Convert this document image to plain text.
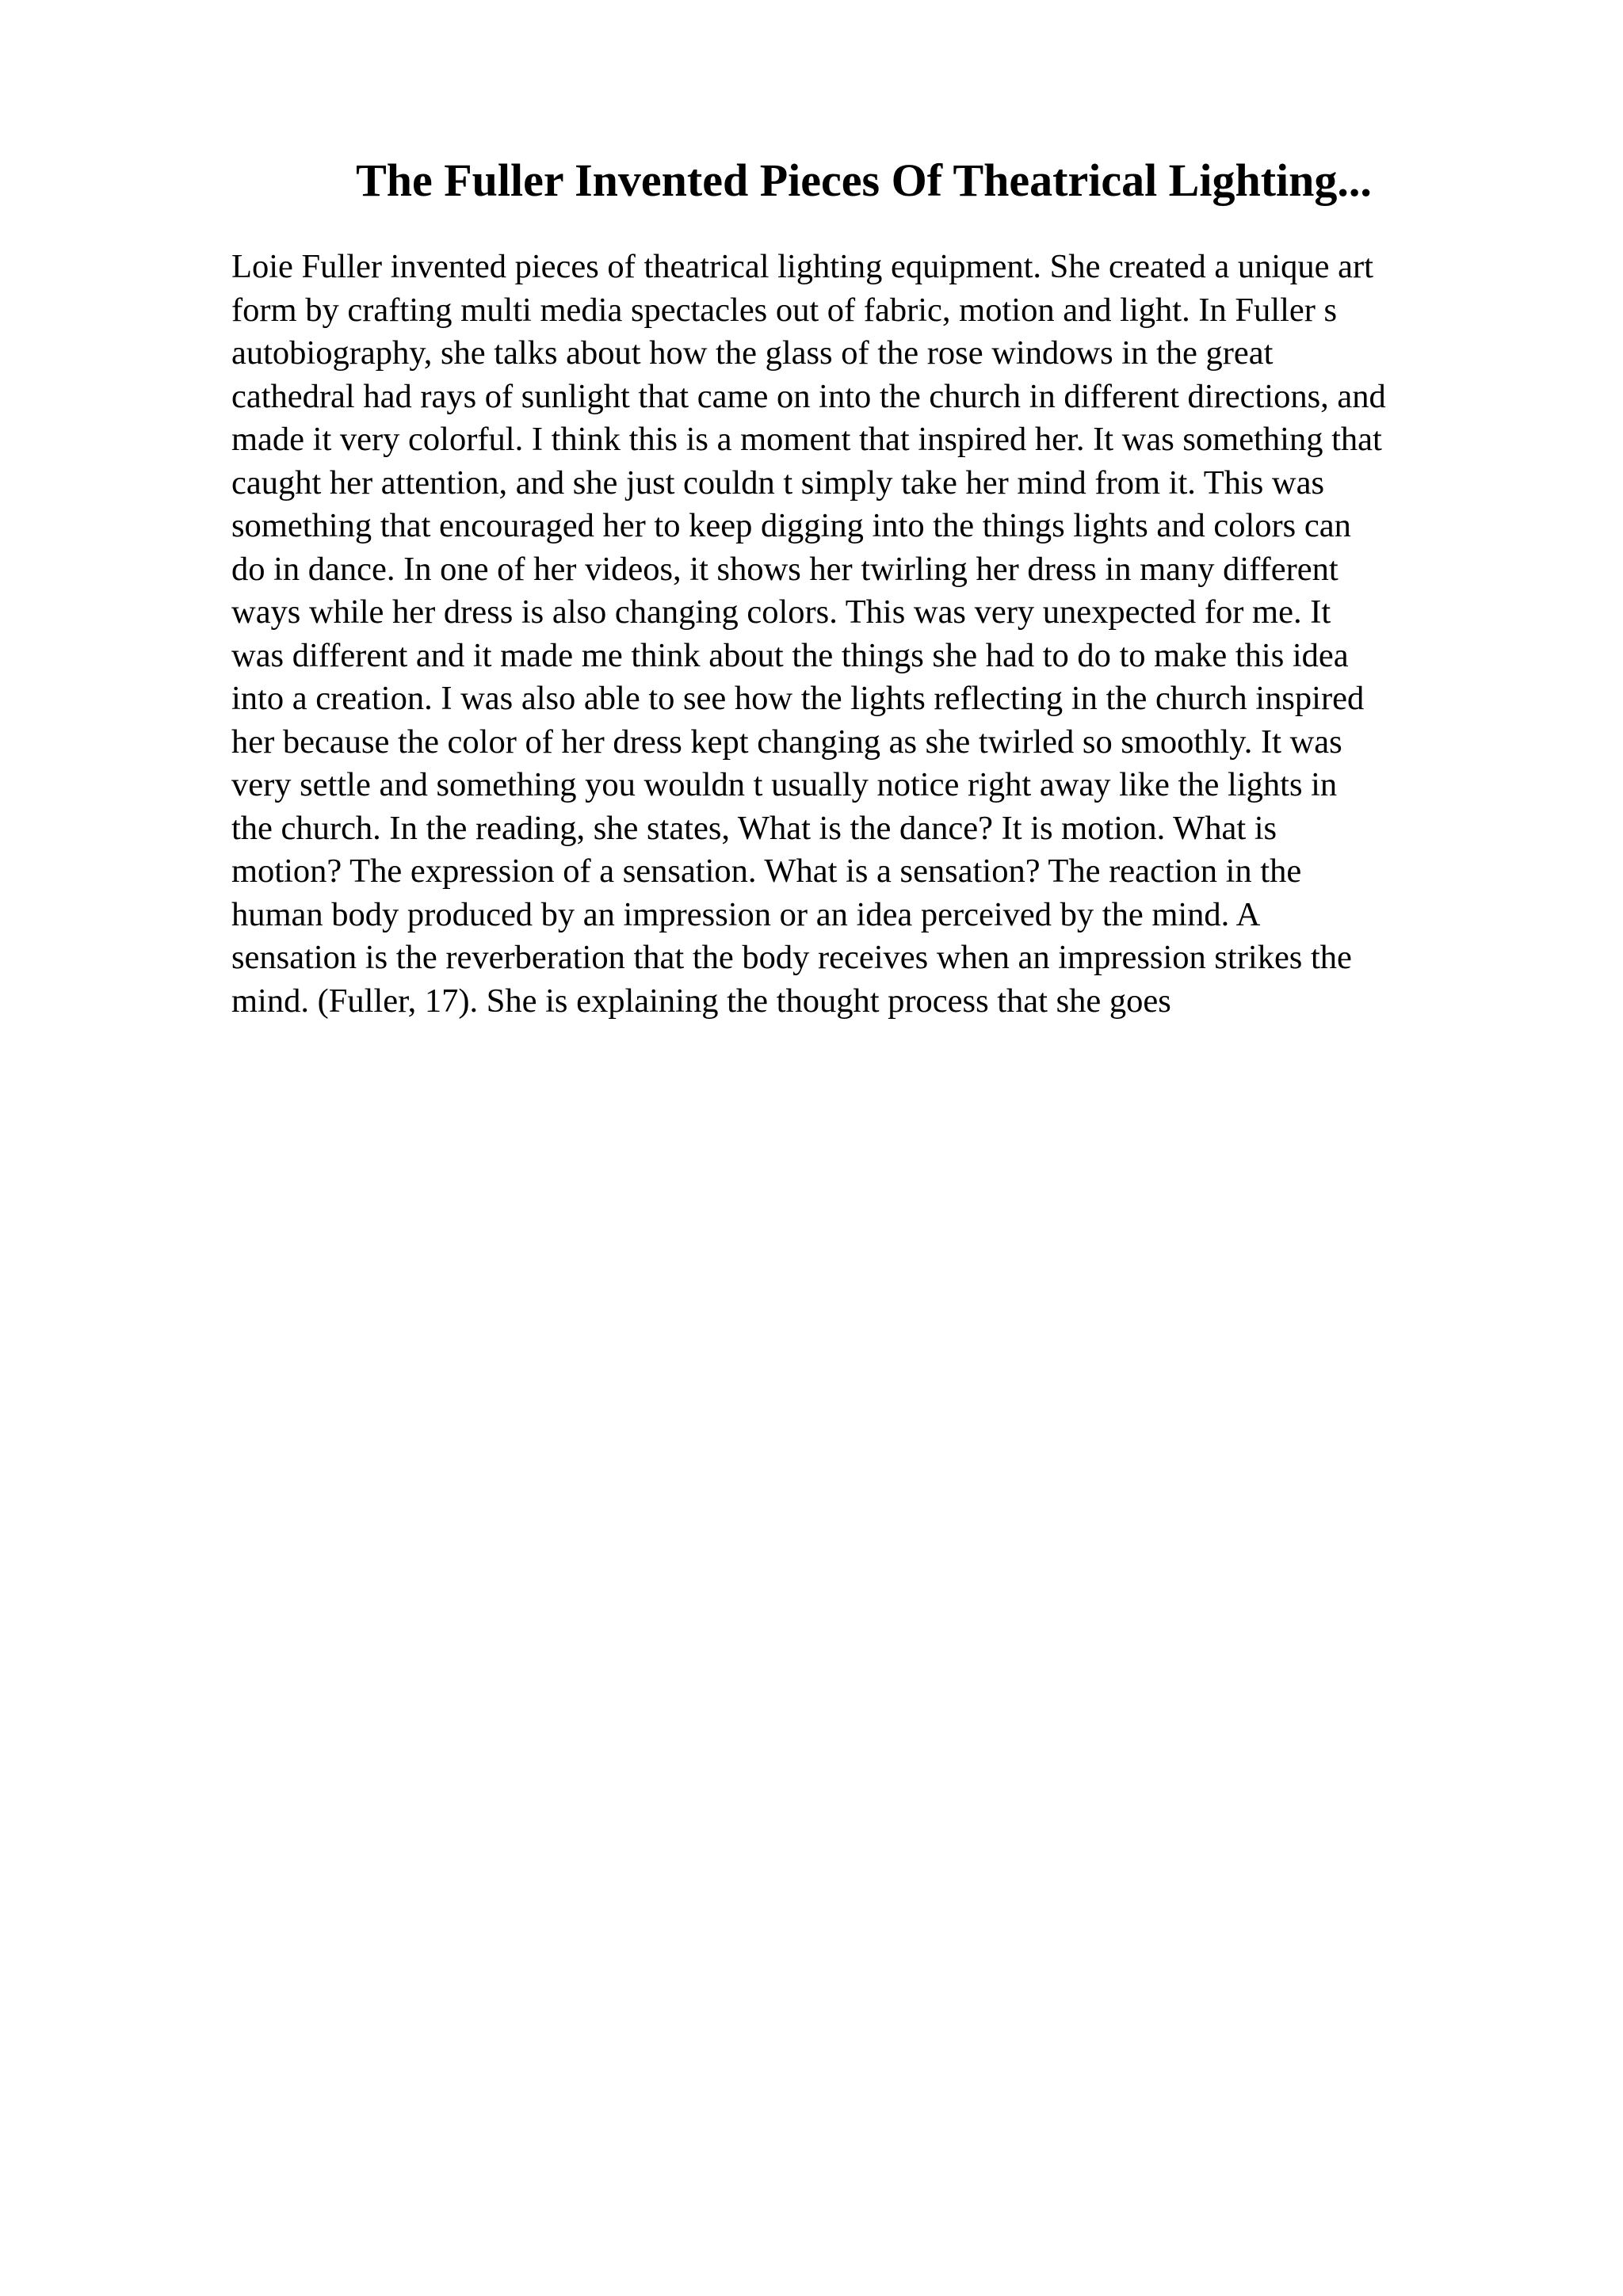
The Fuller Invented Pieces Of Theatrical Lighting...
Loie Fuller invented pieces of theatrical lighting equipment. She created a unique art
form by crafting multi media spectacles out of fabric, motion and light. In Fuller s
autobiography, she talks about how the glass of the rose windows in the great
cathedral had rays of sunlight that came on into the church in different directions, and
made it very colorful. I think this is a moment that inspired her. It was something that
caught her attention, and she just couldn t simply take her mind from it. This was
something that encouraged her to keep digging into the things lights and colors can
do in dance. In one of her videos, it shows her twirling her dress in many different
ways while her dress is also changing colors. This was very unexpected for me. It
was different and it made me think about the things she had to do to make this idea
into a creation. I was also able to see how the lights reflecting in the church inspired
her because the color of her dress kept changing as she twirled so smoothly. It was
very settle and something you wouldn t usually notice right away like the lights in
the church. In the reading, she states, What is the dance? It is motion. What is
motion? The expression of a sensation. What is a sensation? The reaction in the
human body produced by an impression or an idea perceived by the mind. A
sensation is the reverberation that the body receives when an impression strikes the
mind. (Fuller, 17). She is explaining the thought process that she goes
